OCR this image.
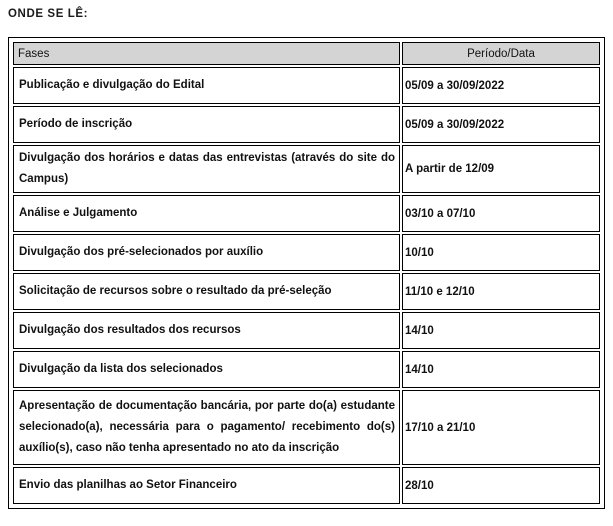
ONDE SE LÊ:
Fases	Período/Data
Publicação e divulgação do Edital	05/09 a 30/09/2022
Período de inscrição	05/09 a 30/09/2022
Divulgação dos horários e datas das entrevistas (através do site do Campus)	A partir de 12/09
Análise e Julgamento	03/10 a 07/10
Divulgação dos pré-selecionados por auxílio	10/10
Solicitação de recursos sobre o resultado da pré-seleção	11/10 e 12/10
Divulgação dos resultados dos recursos	14/10
Divulgação da lista dos selecionados	14/10
Apresentação de documentação bancária, por parte do(a) estudante selecionado(a), necessária para o pagamento/ recebimento do(s) auxílio(s), caso não tenha apresentado no ato da inscrição	17/10 a 21/10
Envio das planilhas ao Setor Financeiro	28/10
